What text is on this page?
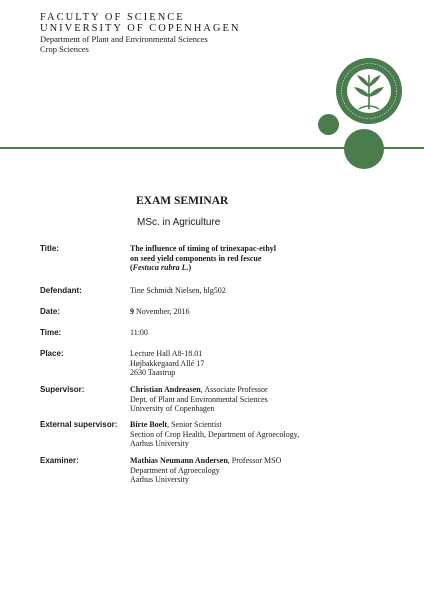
FACULTY OF SCIENCE

UNIVERSITY OF COPENHAGEN

Department of Plant and Environmental Sciences

Crop Sciences

EXAM SEMINAR

MSc. in Agriculture

Title:	The influence of timing of trinexapac-ethyl
on seed yield components in red fescue
(Festuca rubra L.)
Defendant:	Tine Schmidt Nielsen, hlg502
Date:	9 November, 2016
Time:	11:00
Place:	Lecture Hall A8-18.01
Højbakkegaard Allé 17
2630 Taastrup
Supervisor:	Christian Andreasen, Associate Professor
Dept. of Plant and Environmental Sciences
University of Copenhagen
External supervisor: Birte Boelt, Senior Scientist
Section of Crop Health, Department of Agroecology,
Aarhus University
Examiner:	Mathias Neumann Andersen, Professor MSO
Department of Agroecology
Aarhus University
